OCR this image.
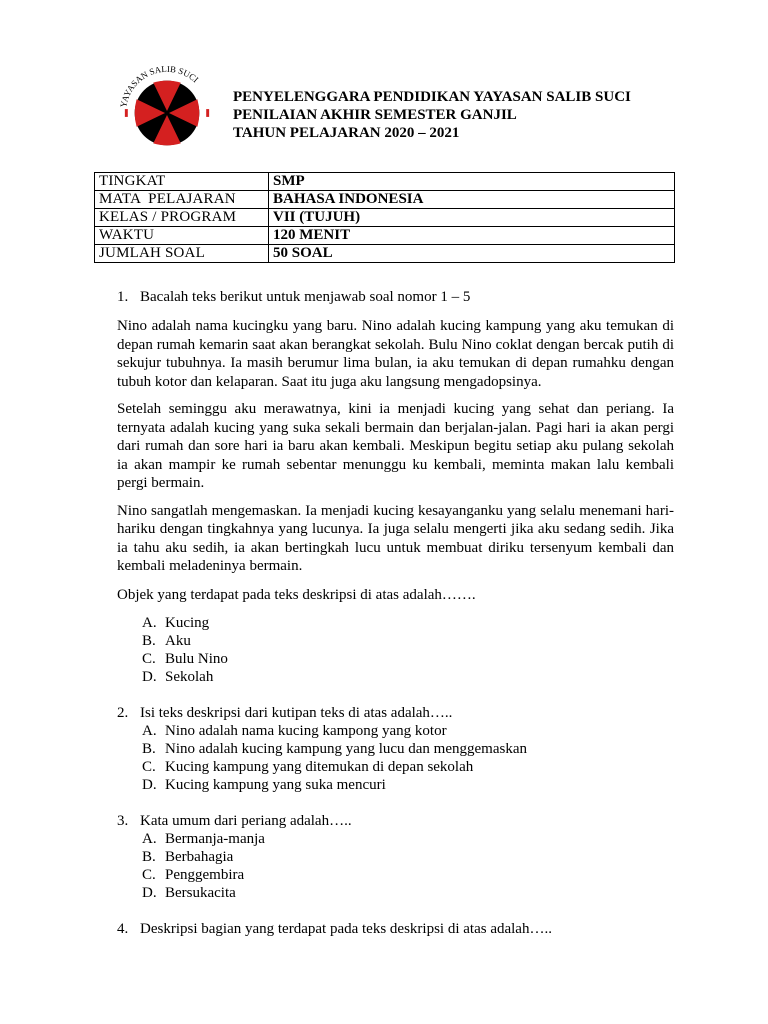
YAYASAN SALIB SUCI
PENYELENGGARA PENDIDIKAN YAYASAN SALIB SUCI
PENILAIAN AKHIR SEMESTER GANJIL
TAHUN PELAJARAN 2020 – 2021
TINGKAT	SMP
MATA  PELAJARAN	BAHASA INDONESIA
KELAS / PROGRAM	VII (TUJUH)
WAKTU	120 MENIT
JUMLAH SOAL	50 SOAL
1. Bacalah teks berikut untuk menjawab soal nomor 1 – 5

Nino adalah nama kucingku yang baru. Nino adalah kucing kampung yang aku temukan di depan rumah kemarin saat akan berangkat sekolah. Bulu Nino coklat dengan bercak putih di sekujur tubuhnya. Ia masih berumur lima bulan, ia aku temukan di depan rumahku dengan tubuh kotor dan kelaparan. Saat itu juga aku langsung mengadopsinya.

Setelah seminggu aku merawatnya, kini ia menjadi kucing yang sehat dan periang. Ia ternyata adalah kucing yang suka sekali bermain dan berjalan-jalan. Pagi hari ia akan pergi dari rumah dan sore hari ia baru akan kembali. Meskipun begitu setiap aku pulang sekolah ia akan mampir ke rumah sebentar menunggu ku kembali, meminta makan lalu kembali pergi bermain.

Nino sangatlah mengemaskan. Ia menjadi kucing kesayanganku yang selalu menemani hari-hariku dengan tingkahnya yang lucunya. Ia juga selalu mengerti jika aku sedang sedih. Jika ia tahu aku sedih, ia akan bertingkah lucu untuk membuat diriku tersenyum kembali dan kembali meladeninya bermain.

Objek yang terdapat pada teks deskripsi di atas adalah…….
A. Kucing
B. Aku
C. Bulu Nino
D. Sekolah
2. Isi teks deskripsi dari kutipan teks di atas adalah…..
A. Nino adalah nama kucing kampong yang kotor
B. Nino adalah kucing kampung yang lucu dan menggemaskan
C. Kucing kampung yang ditemukan di depan sekolah
D. Kucing kampung yang suka mencuri
3. Kata umum dari periang adalah…..
A. Bermanja-manja
B. Berbahagia
C. Penggembira
D. Bersukacita
4. Deskripsi bagian yang terdapat pada teks deskripsi di atas adalah…..
